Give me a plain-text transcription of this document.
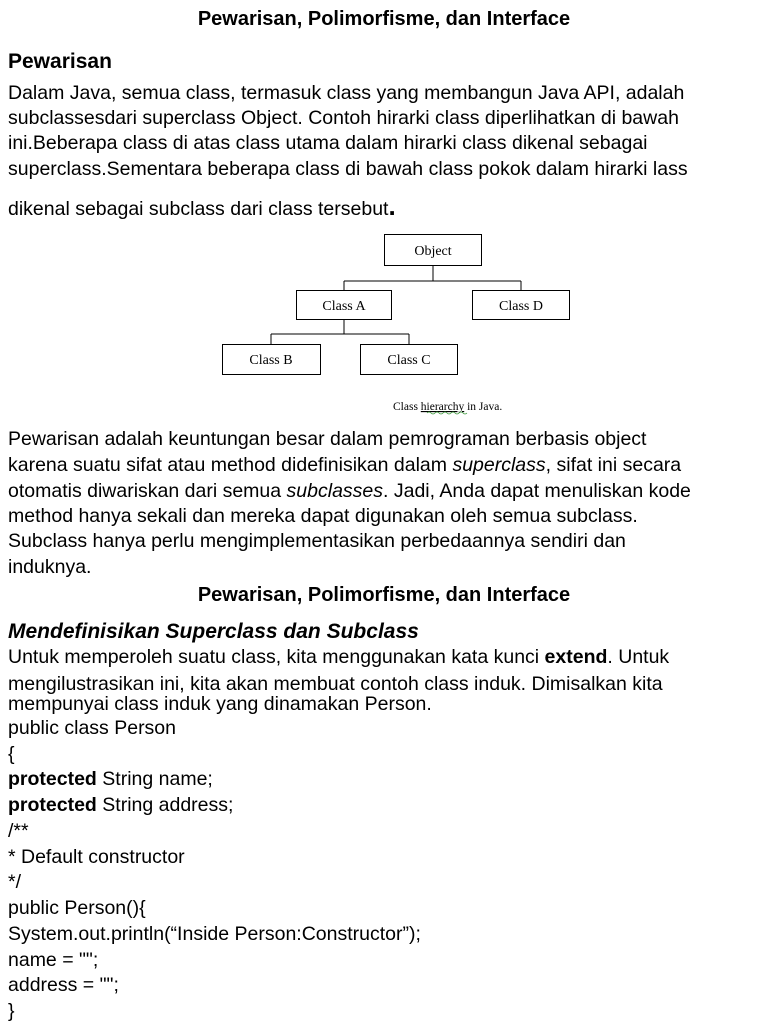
Pewarisan, Polimorfisme, dan Interface
Pewarisan
Dalam Java, semua class, termasuk class yang membangun Java API, adalah
subclassesdari superclass Object. Contoh hirarki class diperlihatkan di bawah
ini.Beberapa class di atas class utama dalam hirarki class dikenal sebagai
superclass.Sementara beberapa class di bawah class pokok dalam hirarki lass
dikenal sebagai subclass dari class tersebut.
Object
Class A	Class D
Class B	Class C
Class hierarchy in Java.
Pewarisan adalah keuntungan besar dalam pemrograman berbasis object
karena suatu sifat atau method didefinisikan dalam superclass, sifat ini secara
otomatis diwariskan dari semua subclasses. Jadi, Anda dapat menuliskan kode
method hanya sekali dan mereka dapat digunakan oleh semua subclass.
Subclass hanya perlu mengimplementasikan perbedaannya sendiri dan
induknya.
Pewarisan, Polimorfisme, dan Interface
Mendefinisikan Superclass dan Subclass
Untuk memperoleh suatu class, kita menggunakan kata kunci extend. Untuk
mengilustrasikan ini, kita akan membuat contoh class induk. Dimisalkan kita
mempunyai class induk yang dinamakan Person.
public class Person
{
protected String name;
protected String address;
/**
* Default constructor
*/
public Person(){
System.out.println(“Inside Person:Constructor”);
name = "";
address = "";
}
